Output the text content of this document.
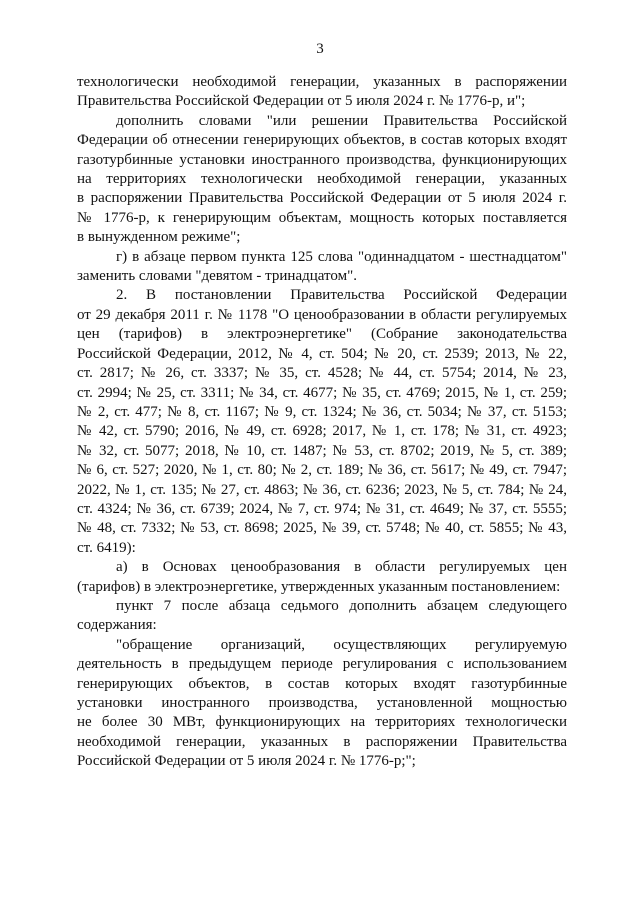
3
технологически необходимой генерации, указанных в распоряжении
Правительства Российской Федерации от 5 июля 2024 г. № 1776-р, и";
дополнить словами "или решении Правительства Российской
Федерации об отнесении генерирующих объектов, в состав которых входят
газотурбинные установки иностранного производства, функционирующих
на территориях технологически необходимой генерации, указанных
в распоряжении Правительства Российской Федерации от 5 июля 2024 г.
№ 1776-р, к генерирующим объектам, мощность которых поставляется
в вынужденном режиме";
г) в абзаце первом пункта 125 слова "одиннадцатом - шестнадцатом"
заменить словами "девятом - тринадцатом".
2. В постановлении Правительства Российской Федерации
от 29 декабря 2011 г. № 1178 "О ценообразовании в области регулируемых
цен (тарифов) в электроэнергетике" (Собрание законодательства
Российской Федерации, 2012, № 4, ст. 504; № 20, ст. 2539; 2013, № 22,
ст. 2817; № 26, ст. 3337; № 35, ст. 4528; № 44, ст. 5754; 2014, № 23,
ст. 2994; № 25, ст. 3311; № 34, ст. 4677; № 35, ст. 4769; 2015, № 1, ст. 259;
№ 2, ст. 477; № 8, ст. 1167; № 9, ст. 1324; № 36, ст. 5034; № 37, ст. 5153;
№ 42, ст. 5790; 2016, № 49, ст. 6928; 2017, № 1, ст. 178; № 31, ст. 4923;
№ 32, ст. 5077; 2018, № 10, ст. 1487; № 53, ст. 8702; 2019, № 5, ст. 389;
№ 6, ст. 527; 2020, № 1, ст. 80; № 2, ст. 189; № 36, ст. 5617; № 49, ст. 7947;
2022, № 1, ст. 135; № 27, ст. 4863; № 36, ст. 6236; 2023, № 5, ст. 784; № 24,
ст. 4324; № 36, ст. 6739; 2024, № 7, ст. 974; № 31, ст. 4649; № 37, ст. 5555;
№ 48, ст. 7332; № 53, ст. 8698; 2025, № 39, ст. 5748; № 40, ст. 5855; № 43,
ст. 6419):
а) в Основах ценообразования в области регулируемых цен
(тарифов) в электроэнергетике, утвержденных указанным постановлением:
пункт 7 после абзаца седьмого дополнить абзацем следующего
содержания:
"обращение организаций, осуществляющих регулируемую
деятельность в предыдущем периоде регулирования с использованием
генерирующих объектов, в состав которых входят газотурбинные
установки иностранного производства, установленной мощностью
не более 30 МВт, функционирующих на территориях технологически
необходимой генерации, указанных в распоряжении Правительства
Российской Федерации от 5 июля 2024 г. № 1776-р;";
